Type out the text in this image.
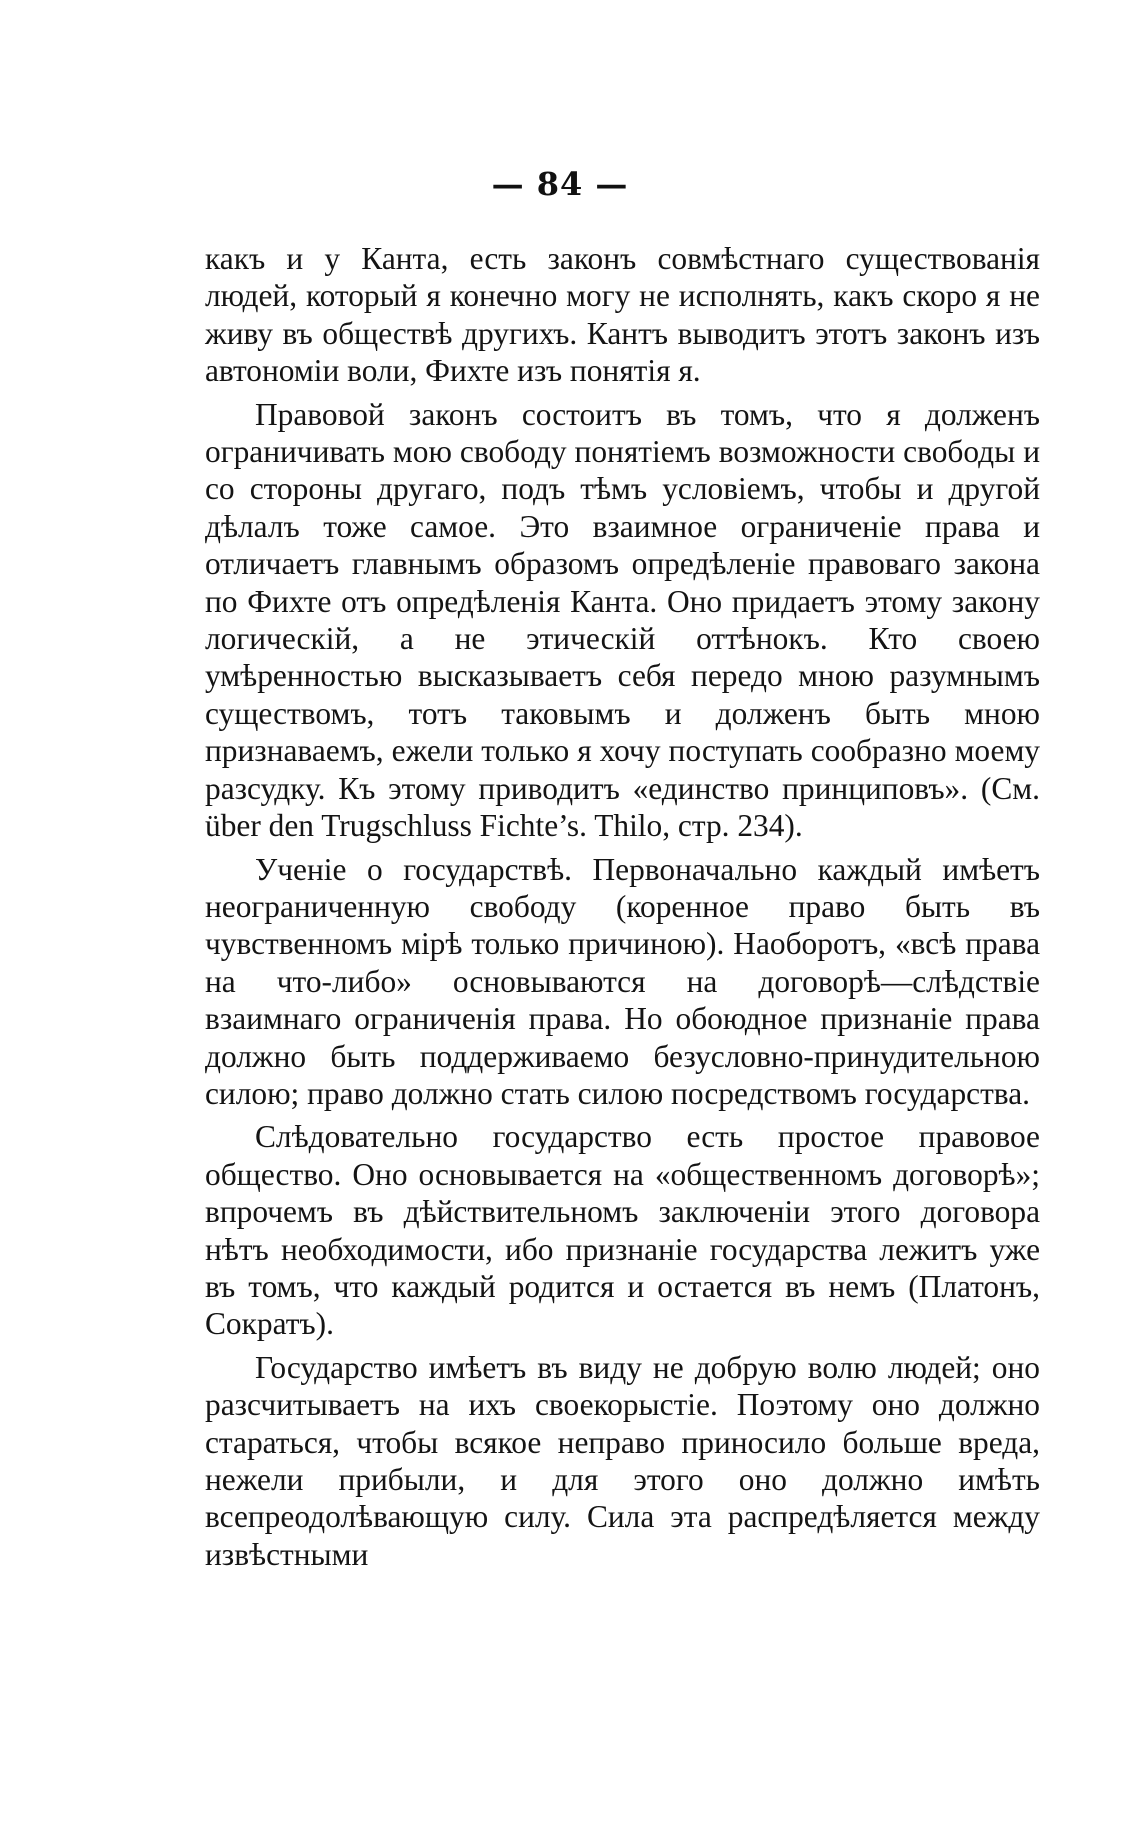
— 84 —

какъ и у Канта, есть законъ совмѣстнаго существованія людей, который я конечно могу не исполнять, какъ скоро я не живу въ обществѣ другихъ. Кантъ выводитъ этотъ законъ изъ автономіи воли, Фихте изъ понятія я.

Правовой законъ состоитъ въ томъ, что я долженъ ограничивать мою свободу понятіемъ возможности свободы и со стороны другаго, подъ тѣмъ условіемъ, чтобы и другой дѣлалъ тоже самое. Это взаимное ограниченіе права и отличаетъ главнымъ образомъ опредѣленіе правоваго закона по Фихте отъ опредѣленія Канта. Оно придаетъ этому закону логическій, а не этическій оттѣнокъ. Кто своею умѣренностью высказываетъ себя передо мною разумнымъ существомъ, тотъ таковымъ и долженъ быть мною признаваемъ, ежели только я хочу поступать сообразно моему разсудку. Къ этому приводитъ «единство принциповъ». (См. über den Trugschluss Fichte’s. Thilo, стр. 234).

Ученіе о государствѣ. Первоначально каждый имѣетъ неограниченную свободу (коренное право быть въ чувственномъ мірѣ только причиною). Наоборотъ, «всѣ права на что-либо» основываются на договорѣ—слѣдствіе взаимнаго ограниченія права. Но обоюдное признаніе права должно быть поддерживаемо безусловно-принудительною силою; право должно стать силою посредствомъ государства.

Слѣдовательно государство есть простое правовое общество. Оно основывается на «общественномъ договорѣ»; впрочемъ въ дѣйствительномъ заключеніи этого договора нѣтъ необходимости, ибо признаніе государства лежитъ уже въ томъ, что каждый родится и остается въ немъ (Платонъ, Сократъ).

Государство имѣетъ въ виду не добрую волю людей; оно разсчитываетъ на ихъ своекорыстіе. Поэтому оно должно стараться, чтобы всякое неправо приносило больше вреда, нежели прибыли, и для этого оно должно имѣть всепреодолѣвающую силу. Сила эта распредѣляется между извѣстными
